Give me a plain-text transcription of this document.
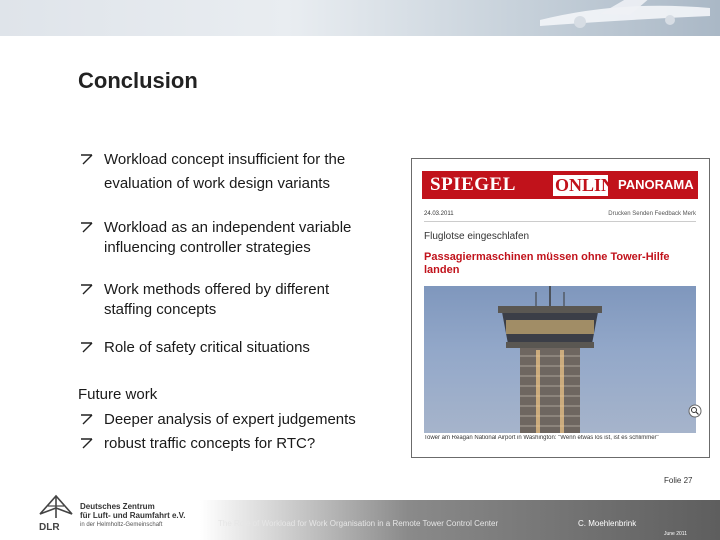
Conclusion
Workload concept insufficient for the
evaluation of work design variants
Workload as an independent variable
influencing controller strategies
Work methods offered by different
staffing concepts
Role of safety critical situations
Future work
Deeper analysis of expert judgements
robust traffic concepts for RTC?
SPIEGEL ONLINE
PANORAMA
24.03.2011	Drucken Senden Feedback Merk
Fluglotse eingeschlafen
Passagiermaschinen müssen ohne Tower-Hilfe landen
Tower am Reagan National Airport in Washington: "Wenn etwas los ist, ist es schlimmer"
DLR
Deutsches Zentrum
für Luft- und Raumfahrt e.V.
in der Helmholtz-Gemeinschaft
Folie 27
The Role of Workload for Work Organisation in a Remote Tower Control Center	C. Moehlenbrink
June 2011
